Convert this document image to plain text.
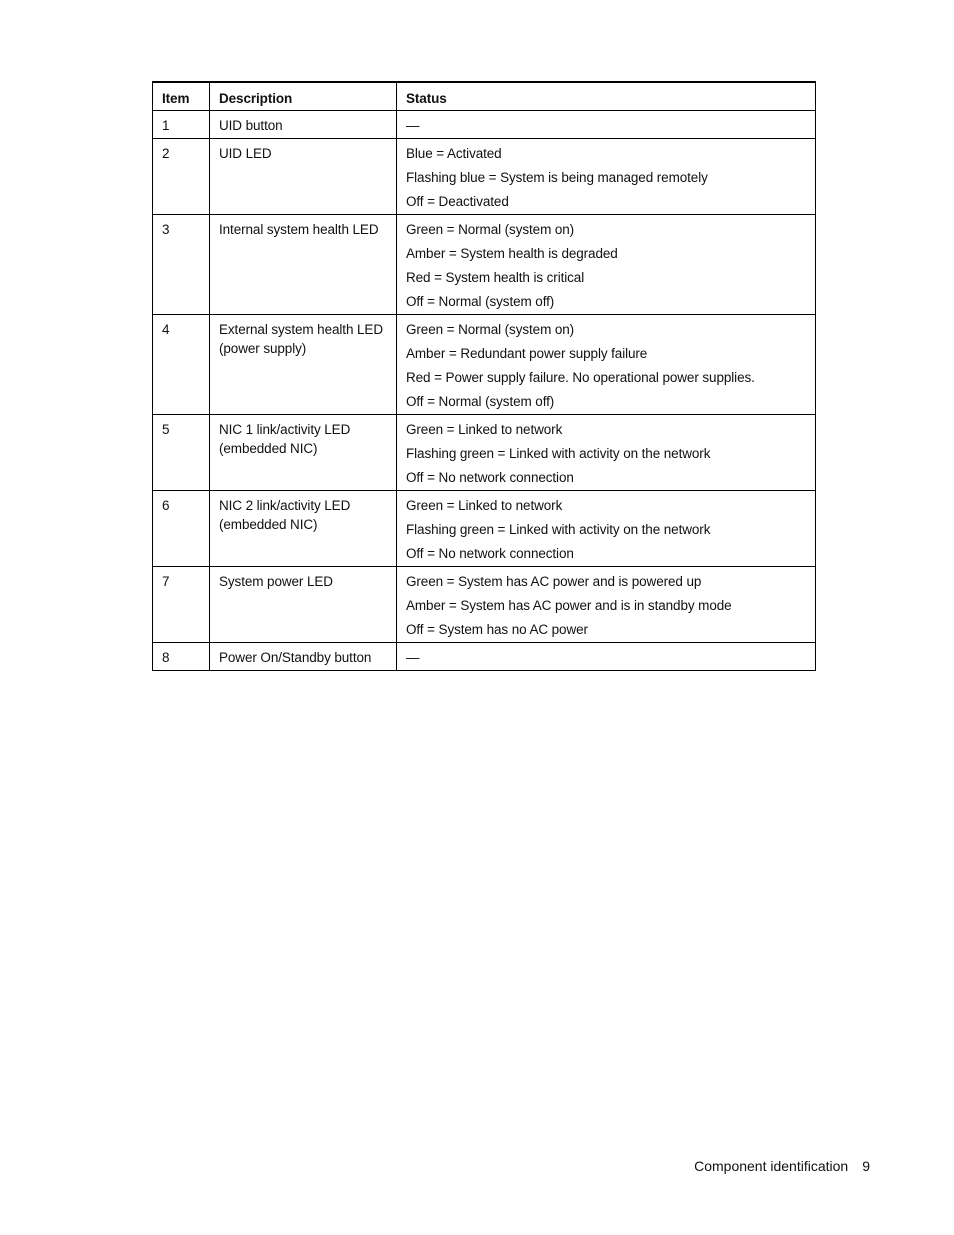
Item	Description	Status
1	UID button	—

2	UID LED	Blue = Activated
Flashing blue = System is being managed remotely
Off = Deactivated

3	Internal system health LED	Green = Normal (system on)
Amber = System health is degraded
Red = System health is critical
Off = Normal (system off)

4	External system health LED (power supply)	Green = Normal (system on)
Amber = Redundant power supply failure
Red = Power supply failure. No operational power supplies.
Off = Normal (system off)

5	NIC 1 link/activity LED (embedded NIC)	Green = Linked to network
Flashing green = Linked with activity on the network
Off = No network connection

6	NIC 2 link/activity LED (embedded NIC)	Green = Linked to network
Flashing green = Linked with activity on the network
Off = No network connection

7	System power LED	Green = System has AC power and is powered up
Amber = System has AC power and is in standby mode
Off = System has no AC power

8	Power On/Standby button	—
Component identification 9
